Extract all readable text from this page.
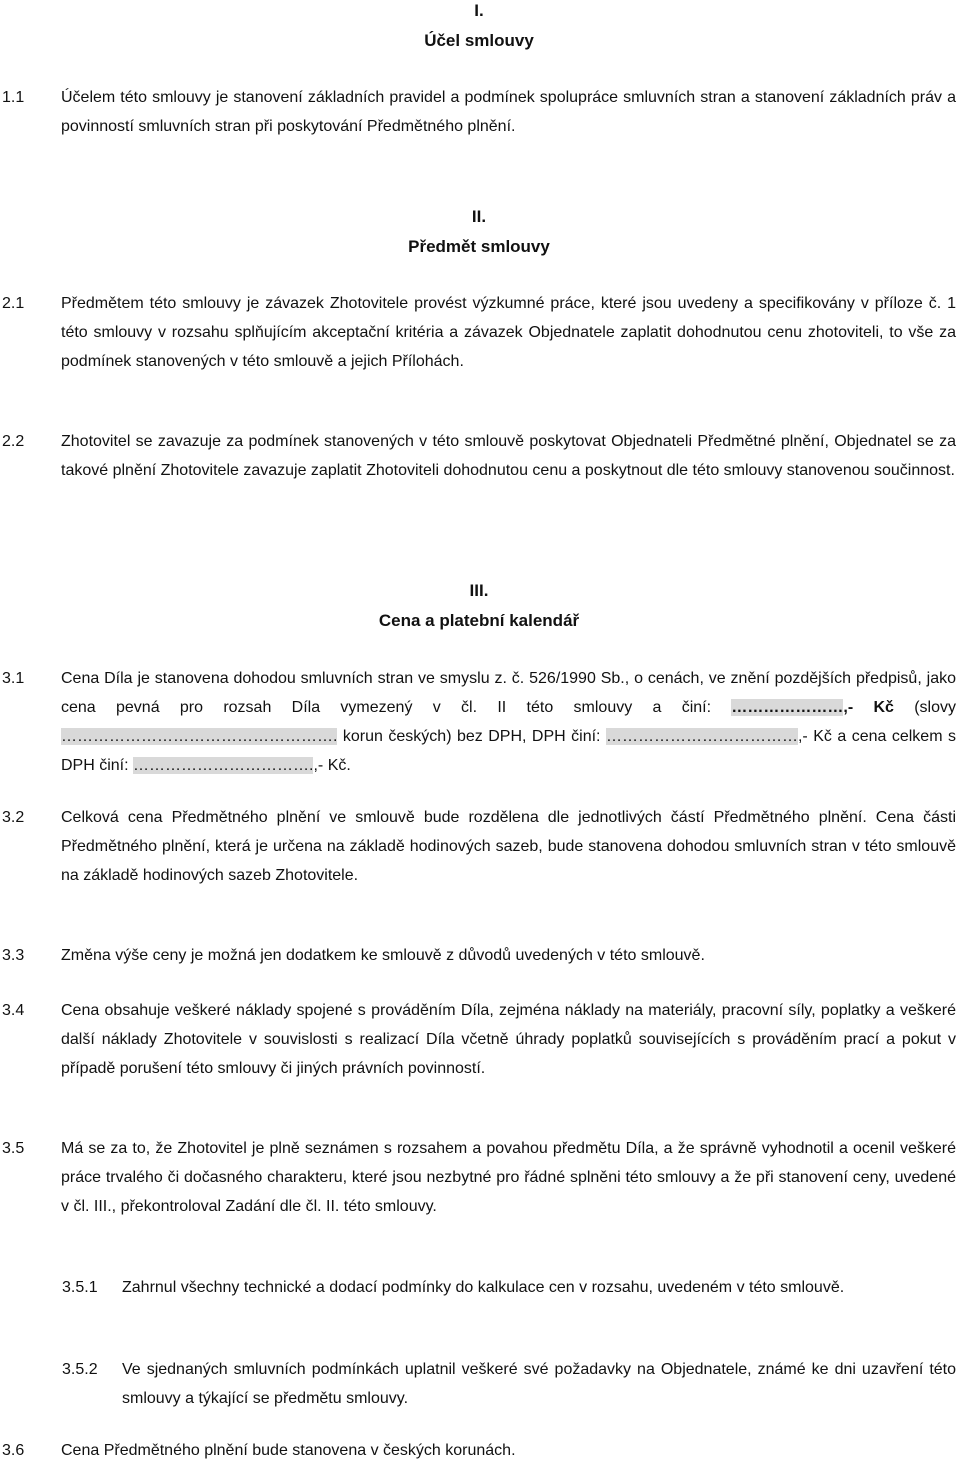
I.
Účel smlouvy
1.1 Účelem této smlouvy je stanovení základních pravidel a podmínek spolupráce smluvních stran a stanovení základních práv a povinností smluvních stran při poskytování Předmětného plnění.
II.
Předmět smlouvy
2.1 Předmětem této smlouvy je závazek Zhotovitele provést výzkumné práce, které jsou uvedeny a specifikovány v příloze č. 1 této smlouvy v rozsahu splňujícím akceptační kritéria a závazek Objednatele zaplatit dohodnutou cenu zhotoviteli, to vše za podmínek stanovených v této smlouvě a jejich Přílohách.
2.2 Zhotovitel se zavazuje za podmínek stanovených v této smlouvě poskytovat Objednateli Předmětné plnění, Objednatel se za takové plnění Zhotovitele zavazuje zaplatit Zhotoviteli dohodnutou cenu a poskytnout dle této smlouvy stanovenou součinnost.
III.
Cena a platební kalendář
3.1 Cena Díla je stanovena dohodou smluvních stran ve smyslu z. č. 526/1990 Sb., o cenách, ve znění pozdějších předpisů, jako cena pevná pro rozsah Díla vymezený v čl. II této smlouvy a činí: …………………,- Kč (slovy ……………………………………………. korun českých) bez DPH, DPH činí: ………………………………,- Kč a cena celkem s DPH činí: …………………………….,- Kč.
3.2 Celková cena Předmětného plnění ve smlouvě bude rozdělena dle jednotlivých částí Předmětného plnění. Cena části Předmětného plnění, která je určena na základě hodinových sazeb, bude stanovena dohodou smluvních stran v této smlouvě na základě hodinových sazeb Zhotovitele.
3.3 Změna výše ceny je možná jen dodatkem ke smlouvě z důvodů uvedených v této smlouvě.
3.4 Cena obsahuje veškeré náklady spojené s prováděním Díla, zejména náklady na materiály, pracovní síly, poplatky a veškeré další náklady Zhotovitele v souvislosti s realizací Díla včetně úhrady poplatků souvisejících s prováděním prací a pokut v případě porušení této smlouvy či jiných právních povinností.
3.5 Má se za to, že Zhotovitel je plně seznámen s rozsahem a povahou předmětu Díla, a že správně vyhodnotil a ocenil veškeré práce trvalého či dočasného charakteru, které jsou nezbytné pro řádné splněni této smlouvy a že při stanovení ceny, uvedené v čl. III., překontroloval Zadání dle čl. II. této smlouvy.
3.5.1 Zahrnul všechny technické a dodací podmínky do kalkulace cen v rozsahu, uvedeném v této smlouvě.
3.5.2 Ve sjednaných smluvních podmínkách uplatnil veškeré své požadavky na Objednatele, známé ke dni uzavření této smlouvy a týkající se předmětu smlouvy.
3.6 Cena Předmětného plnění bude stanovena v českých korunách.
